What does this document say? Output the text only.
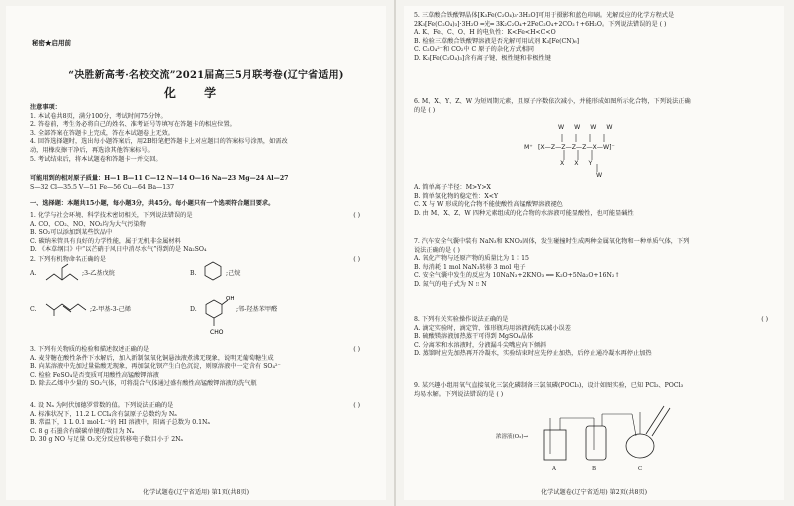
秘密★启用前
“决胜新高考·名校交流”2021届高三5月联考卷(辽宁省适用)
化 学
注意事项：
1. 本试卷共8页，满分100分，考试时间75分钟。
2. 答卷前，考生务必将自己的姓名、准考证号等填写在答题卡的相应位置。
3. 全部答案在答题卡上完成，答在本试题卷上无效。
4. 回答选择题时，选出每小题答案后，用2B铅笔把答题卡上对应题目的答案标号涂黑，如需改
动，用橡皮擦干净后，再选涂其他答案标号。
5. 考试结束后，将本试题卷和答题卡一并交回。
可能用到的相对原子质量：H—1 B—11 C—12 N—14 O—16 Na—23 Mg—24 Al—27
S—32 Cl—35.5 V—51 Fe—56 Cu—64 Ba—137
一、选择题：本题共15小题，每小题3分，共45分。每小题只有一个选项符合题目要求。
1. 化学与社会环境、科学技术密切相关，下列说法错误的是	( )
A. CO、CO₂、NO、NO₂均为大气污染物
B. SO₂可以添加到某些饮品中
C. 碳纳米管具有良好的力学性能，属于无机非金属材料
D. 《本草纲目》中“以芒硝于风日中消尽水气”得到的是 Na₂SO₄
2. 下列有机物命名正确的是	( )
A.	;3-乙基戊烷	B.	;己烷
C.	;2-甲基-3-己烯	D.
CHO
OH
;邻-羟基苯甲醛
3. 下列有关物质的检验和描述叙述正确的是	( )
A. 麦芽糖在酸性条件下水解后，加入新制氢氧化铜悬浊液煮沸无现象，说明无葡萄糖生成
B. 向某溶液中先加过量盐酸无现象，再加氯化钡产生白色沉淀，则原溶液中一定含有 SO₄²⁻
C. 检验 FeSO₄是否变质可用酸性高锰酸钾溶液
D. 除去乙烯中少量的 SO₂气体，可将混合气体通过盛有酸性高锰酸钾溶液的洗气瓶
4. 设 Nₐ 为阿伏加德罗常数的值。下列说法正确的是	( )
A. 标准状况下，11.2 L CCl₄含有氯原子总数约为 Nₐ
B. 常温下，1 L 0.1 mol·L⁻¹的 HI 溶液中，阳离子总数为 0.1Nₐ
C. 8 g 石墨含有碳碳单键的数目为 Nₐ
D. 30 g NO 与足量 O₂充分反应转移电子数目小于 2Nₐ
化学试题卷(辽宁省适用) 第1页(共8页)
5. 三草酸合铁酸钾晶体[K₃Fe(C₂O₄)₃·3H₂O]可用于摄影和蓝色印刷。光解反应的化学方程式是
2K₃[Fe(C₂O₄)₃]·3H₂O ═光═ 3K₂C₂O₄+2FeC₂O₄+2CO₂↑+6H₂O。下列说法错误的是 ( )
A. K、Fe、C、O、H 的电负性：K<Fe<H<C<O
B. 检验三草酸合铁酸钾溶液是否光解可用试剂 K₃[Fe(CN)₆]
C. C₂O₄²⁻和 CO₂中 C 原子的杂化方式相同
D. K₃[Fe(C₂O₄)₃]含有离子键、极性键和非极性键
6. M、X、Y、Z、W 为短周期元素，且原子序数依次减小，并能形成如图所示化合物，下列说法正确
的是 ( )
WWWW
M⁺ [X—Z—Z—Z—Z—X—W]⁻
XXY
W
A. 简单离子半径：M>Y>X
B. 简单氢化物的稳定性：X<Y
C. X 与 W 形成的化合物不能使酸性高锰酸钾溶液褪色
D. 由 M、X、Z、W 四种元素组成的化合物的水溶液可能显酸性，也可能显碱性
7. 汽车安全气囊中装有 NaN₃和 KNO₃固体，发生碰撞时生成两种金属氧化物和一种单质气体，下列
说法正确的是 ( )
A. 氧化产物与还原产物的质量比为 1∶15
B. 每消耗 1 mol NaN₃转移 3 mol 电子
C. 安全气囊中发生的反应为 10NaN₃+2KNO₃ ══ K₂O+5Na₂O+16N₂↑
D. 氮气的电子式为 N ⁝⁝ N
8. 下列有关实验操作说法正确的是	( )
A. 滴定实验时，滴定管、锥形瓶均用溶液润洗以减小误差
B. 硫酸镁溶液加热蒸干可得到 MgSO₄晶体
C. 分离苯和水溶液时，分液漏斗尖嘴应向下倾斜
D. 蒸馏时应先加热再开冷凝水，实验结束时应先停止加热，后停止通冷凝水再停止加热
9. 某兴趣小组用氧气直接氧化三氯化磷制备三氯氧磷(POCl₃)，设计如图实验，已知 PCl₃、POCl₃
均易水解。下列说法错误的是 ( )
浓溶液(O₂)→
A	B	C
化学试题卷(辽宁省适用) 第2页(共8页)
